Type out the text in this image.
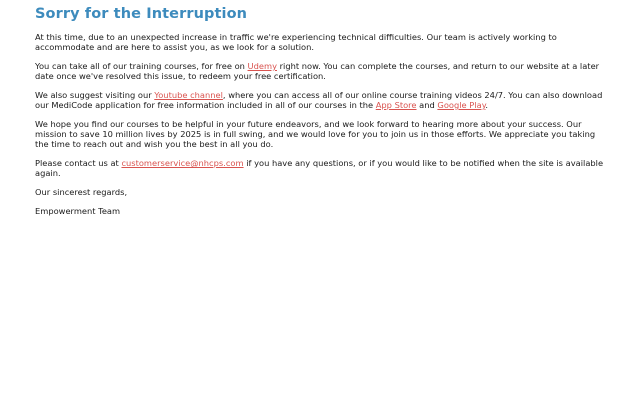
Sorry for the Interruption

At this time, due to an unexpected increase in traffic we're experiencing technical difficulties. Our team is actively working to accommodate and are here to assist you, as we look for a solution.

You can take all of our training courses, for free on Udemy right now. You can complete the courses, and return to our website at a later date once we've resolved this issue, to redeem your free certification.

We also suggest visiting our Youtube channel, where you can access all of our online course training videos 24/7. You can also download our MediCode application for free information included in all of our courses in the App Store and Google Play.

We hope you find our courses to be helpful in your future endeavors, and we look forward to hearing more about your success. Our mission to save 10 million lives by 2025 is in full swing, and we would love for you to join us in those efforts. We appreciate you taking the time to reach out and wish you the best in all you do.

Please contact us at customerservice@nhcps.com if you have any questions, or if you would like to be notified when the site is available again.

Our sincerest regards,

Empowerment Team
